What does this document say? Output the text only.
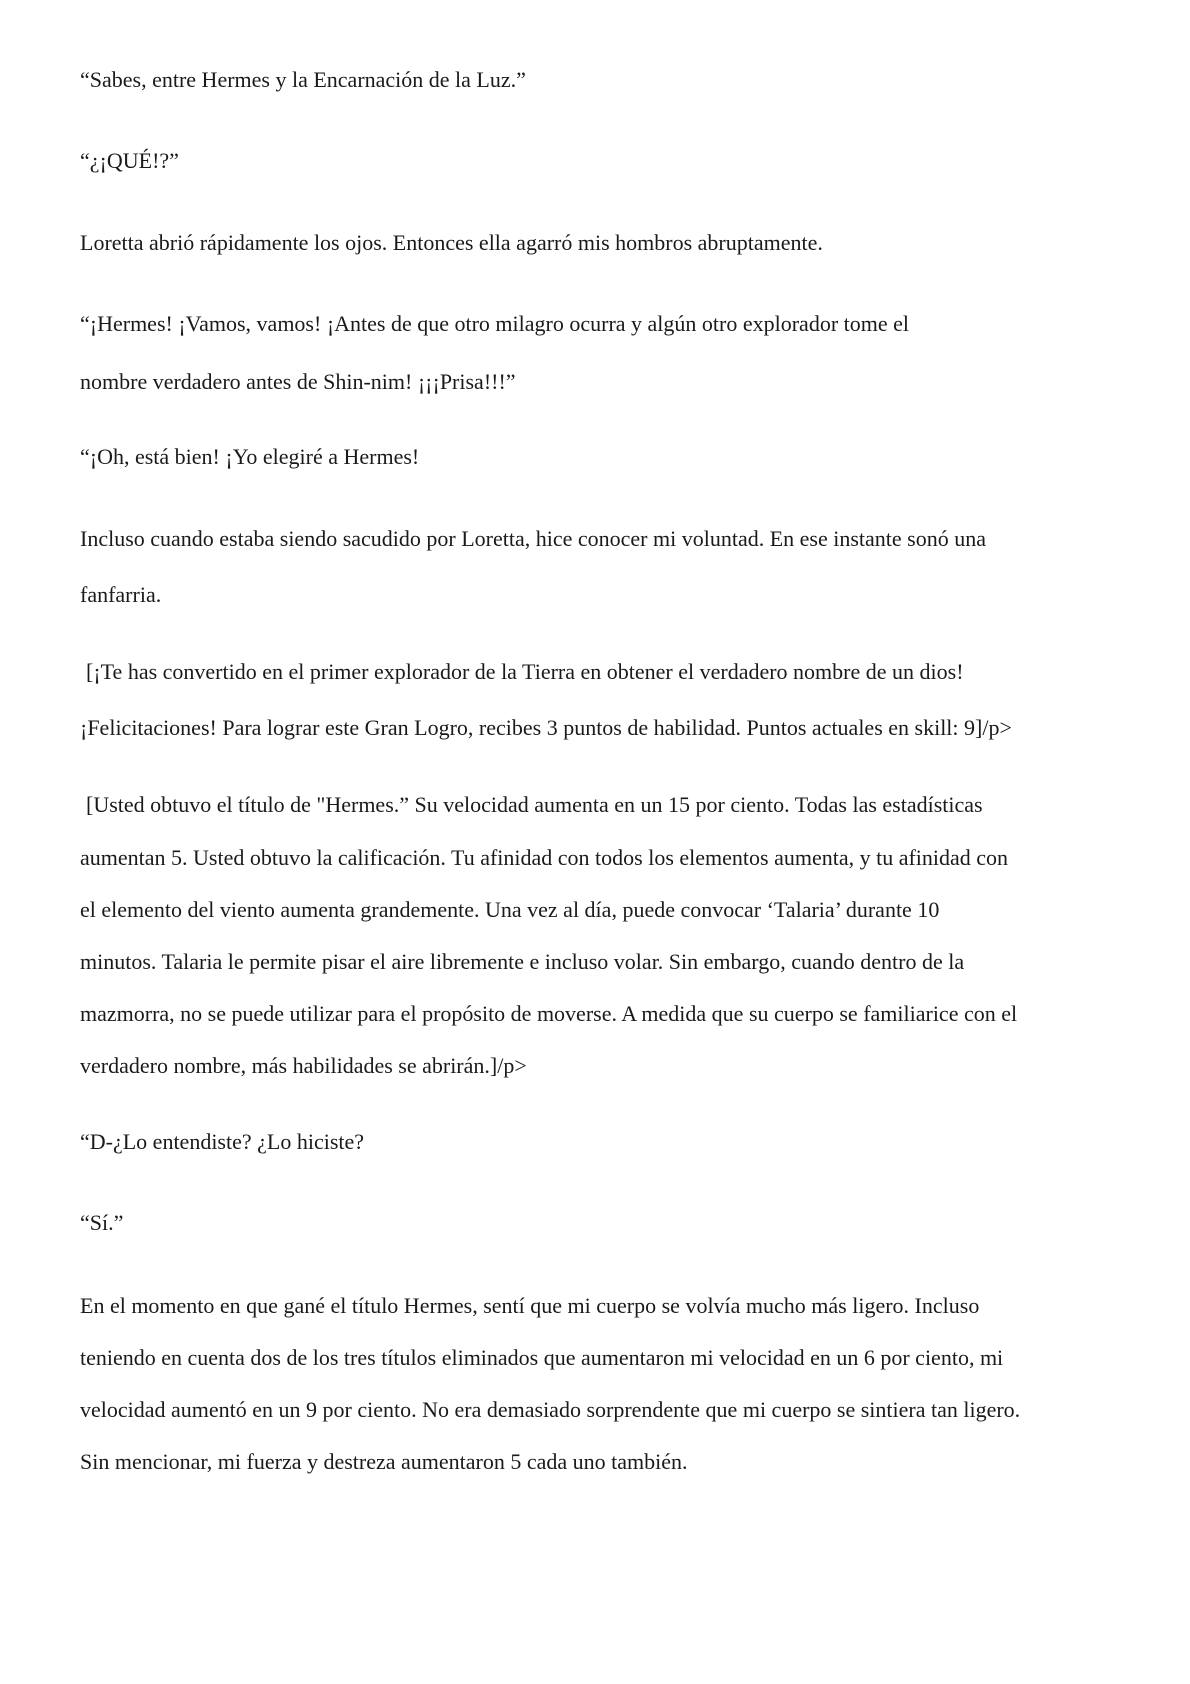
“Sabes, entre Hermes y la Encarnación de la Luz.”

“¿¡QUÉ!?”

Loretta abrió rápidamente los ojos. Entonces ella agarró mis hombros abruptamente.

“¡Hermes! ¡Vamos, vamos! ¡Antes de que otro milagro ocurra y algún otro explorador tome el

nombre verdadero antes de Shin-nim! ¡¡¡Prisa!!!”

“¡Oh, está bien! ¡Yo elegiré a Hermes!

Incluso cuando estaba siendo sacudido por Loretta, hice conocer mi voluntad. En ese instante sonó una

fanfarria.

[¡Te has convertido en el primer explorador de la Tierra en obtener el verdadero nombre de un dios!

¡Felicitaciones! Para lograr este Gran Logro, recibes 3 puntos de habilidad. Puntos actuales en skill: 9]/p>

[Usted obtuvo el título de "Hermes.” Su velocidad aumenta en un 15 por ciento. Todas las estadísticas

aumentan 5. Usted obtuvo la calificación. Tu afinidad con todos los elementos aumenta, y tu afinidad con

el elemento del viento aumenta grandemente. Una vez al día, puede convocar ‘Talaria’ durante 10

minutos. Talaria le permite pisar el aire libremente e incluso volar. Sin embargo, cuando dentro de la

mazmorra, no se puede utilizar para el propósito de moverse. A medida que su cuerpo se familiarice con el

verdadero nombre, más habilidades se abrirán.]/p>

“D-¿Lo entendiste? ¿Lo hiciste?

“Sí.”

En el momento en que gané el título Hermes, sentí que mi cuerpo se volvía mucho más ligero. Incluso

teniendo en cuenta dos de los tres títulos eliminados que aumentaron mi velocidad en un 6 por ciento, mi

velocidad aumentó en un 9 por ciento. No era demasiado sorprendente que mi cuerpo se sintiera tan ligero.

Sin mencionar, mi fuerza y destreza aumentaron 5 cada uno también.
